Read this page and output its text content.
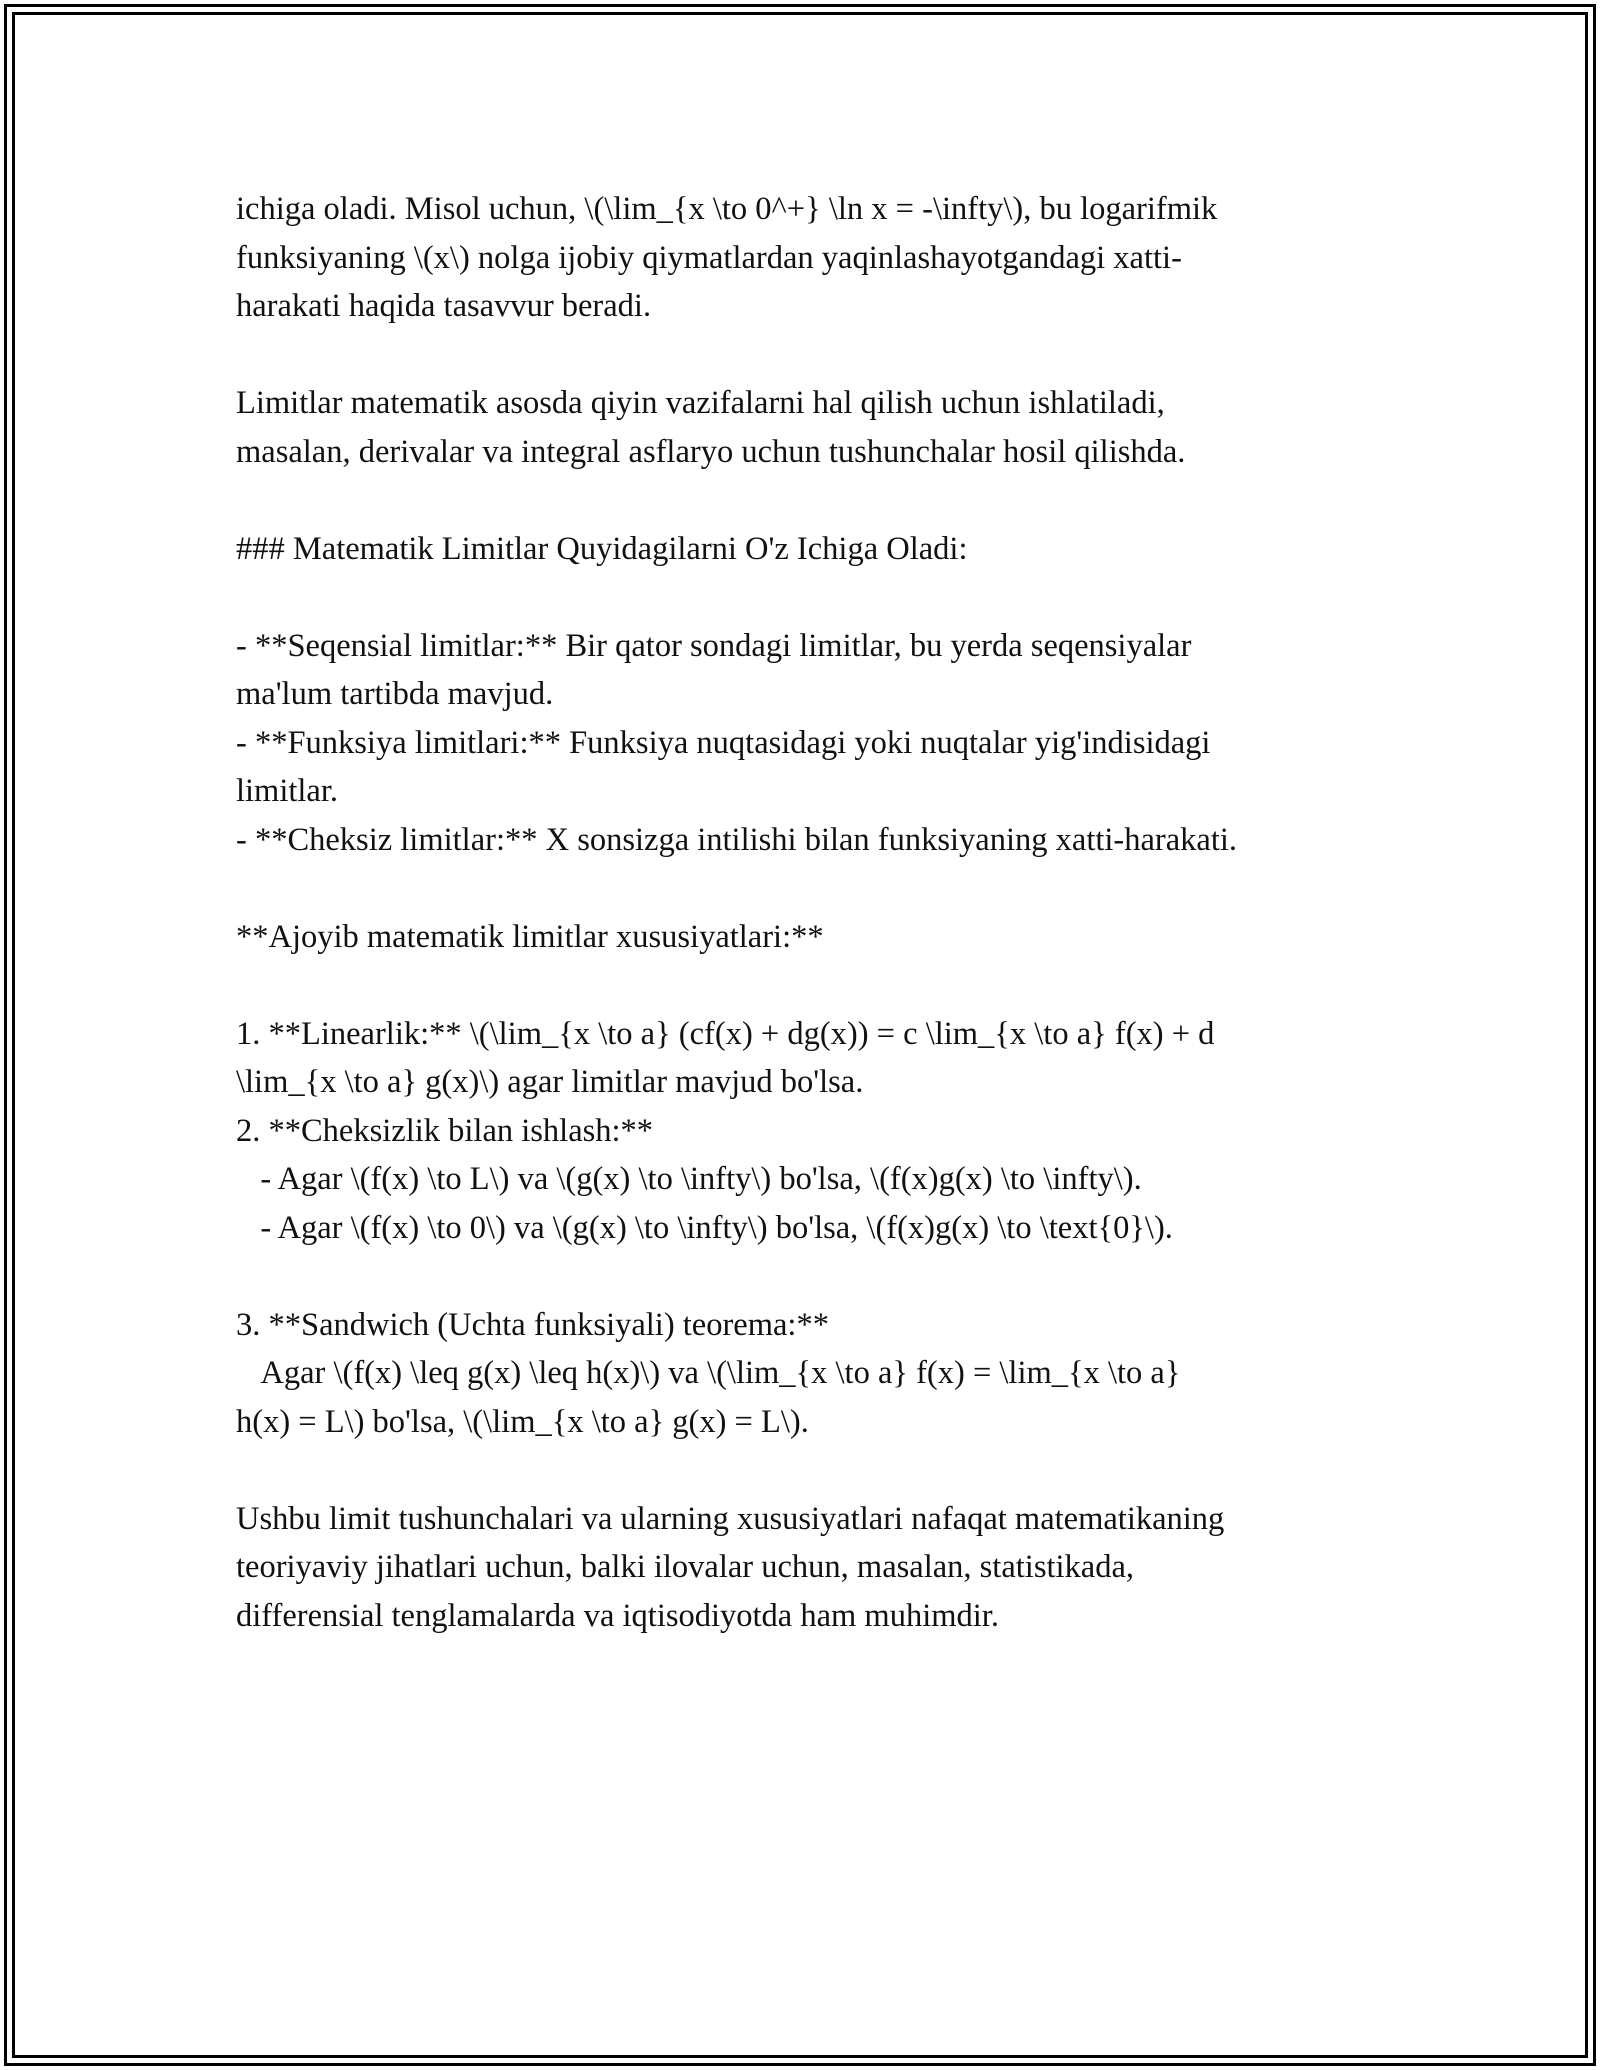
ichiga oladi. Misol uchun, \(\lim_{x \to 0^+} \ln x = -\infty\), bu logarifmik

funksiyaning \(x\) nolga ijobiy qiymatlardan yaqinlashayotgandagi xatti-

harakati haqida tasavvur beradi.

Limitlar matematik asosda qiyin vazifalarni hal qilish uchun ishlatiladi,

masalan, derivalar va integral asflaryo uchun tushunchalar hosil qilishda.

### Matematik Limitlar Quyidagilarni O'z Ichiga Oladi:

- **Seqensial limitlar:** Bir qator sondagi limitlar, bu yerda seqensiyalar

ma'lum tartibda mavjud.

- **Funksiya limitlari:** Funksiya nuqtasidagi yoki nuqtalar yig'indisidagi

limitlar.

- **Cheksiz limitlar:** X sonsizga intilishi bilan funksiyaning xatti-harakati.

**Ajoyib matematik limitlar xususiyatlari:**

1. **Linearlik:** \(\lim_{x \to a} (cf(x) + dg(x)) = c \lim_{x \to a} f(x) + d

\lim_{x \to a} g(x)\) agar limitlar mavjud bo'lsa.

2. **Cheksizlik bilan ishlash:**

- Agar \(f(x) \to L\) va \(g(x) \to \infty\) bo'lsa, \(f(x)g(x) \to \infty\).

- Agar \(f(x) \to 0\) va \(g(x) \to \infty\) bo'lsa, \(f(x)g(x) \to \text{0}\).

3. **Sandwich (Uchta funksiyali) teorema:**

Agar \(f(x) \leq g(x) \leq h(x)\) va \(\lim_{x \to a} f(x) = \lim_{x \to a}

h(x) = L\) bo'lsa, \(\lim_{x \to a} g(x) = L\).

Ushbu limit tushunchalari va ularning xususiyatlari nafaqat matematikaning

teoriyaviy jihatlari uchun, balki ilovalar uchun, masalan, statistikada,

differensial tenglamalarda va iqtisodiyotda ham muhimdir.
